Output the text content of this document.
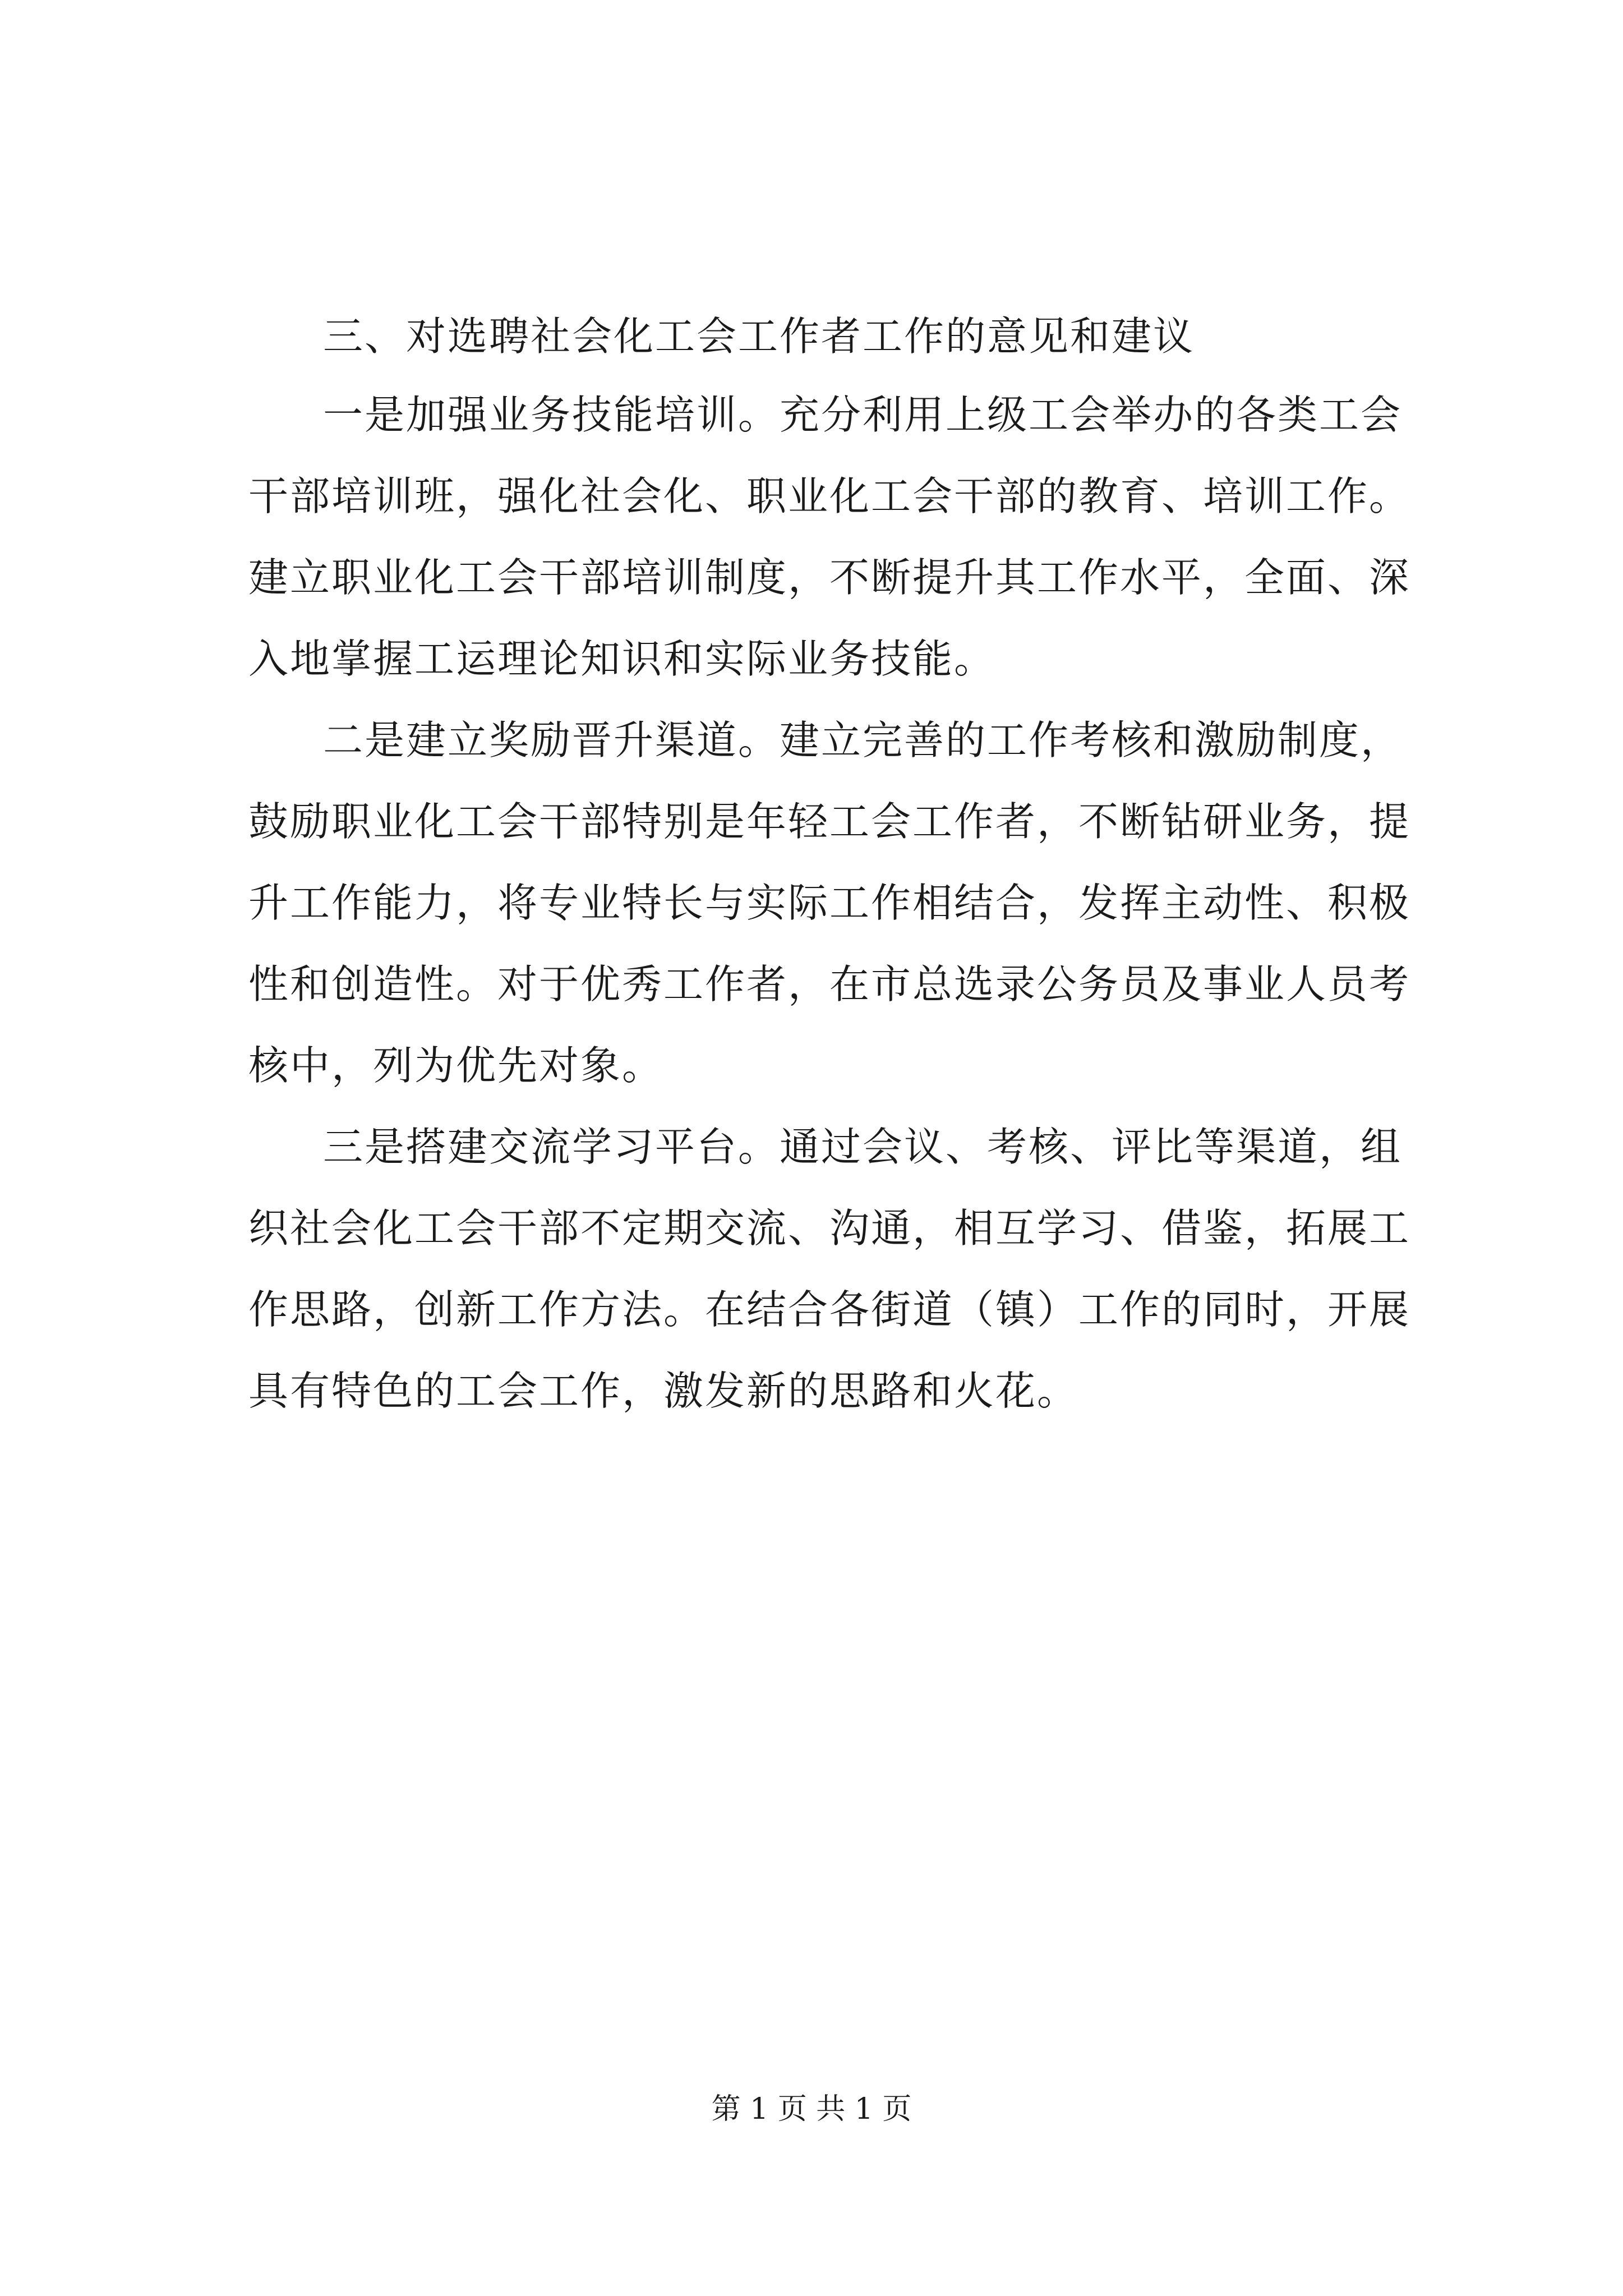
三、对选聘社会化工会工作者工作的意见和建议
一是加强业务技能培训。充分利用上级工会举办的各类工会
干部培训班，强化社会化、职业化工会干部的教育、培训工作。
建立职业化工会干部培训制度，不断提升其工作水平，全面、深
入地掌握工运理论知识和实际业务技能。
二是建立奖励晋升渠道。建立完善的工作考核和激励制度，
鼓励职业化工会干部特别是年轻工会工作者，不断钻研业务，提
升工作能力，将专业特长与实际工作相结合，发挥主动性、积极
性和创造性。对于优秀工作者，在市总选录公务员及事业人员考
核中，列为优先对象。
三是搭建交流学习平台。通过会议、考核、评比等渠道，组
织社会化工会干部不定期交流、沟通，相互学习、借鉴，拓展工
作思路，创新工作方法。在结合各街道（镇）工作的同时，开展
具有特色的工会工作，激发新的思路和火花。
第 1 页 共 1 页
